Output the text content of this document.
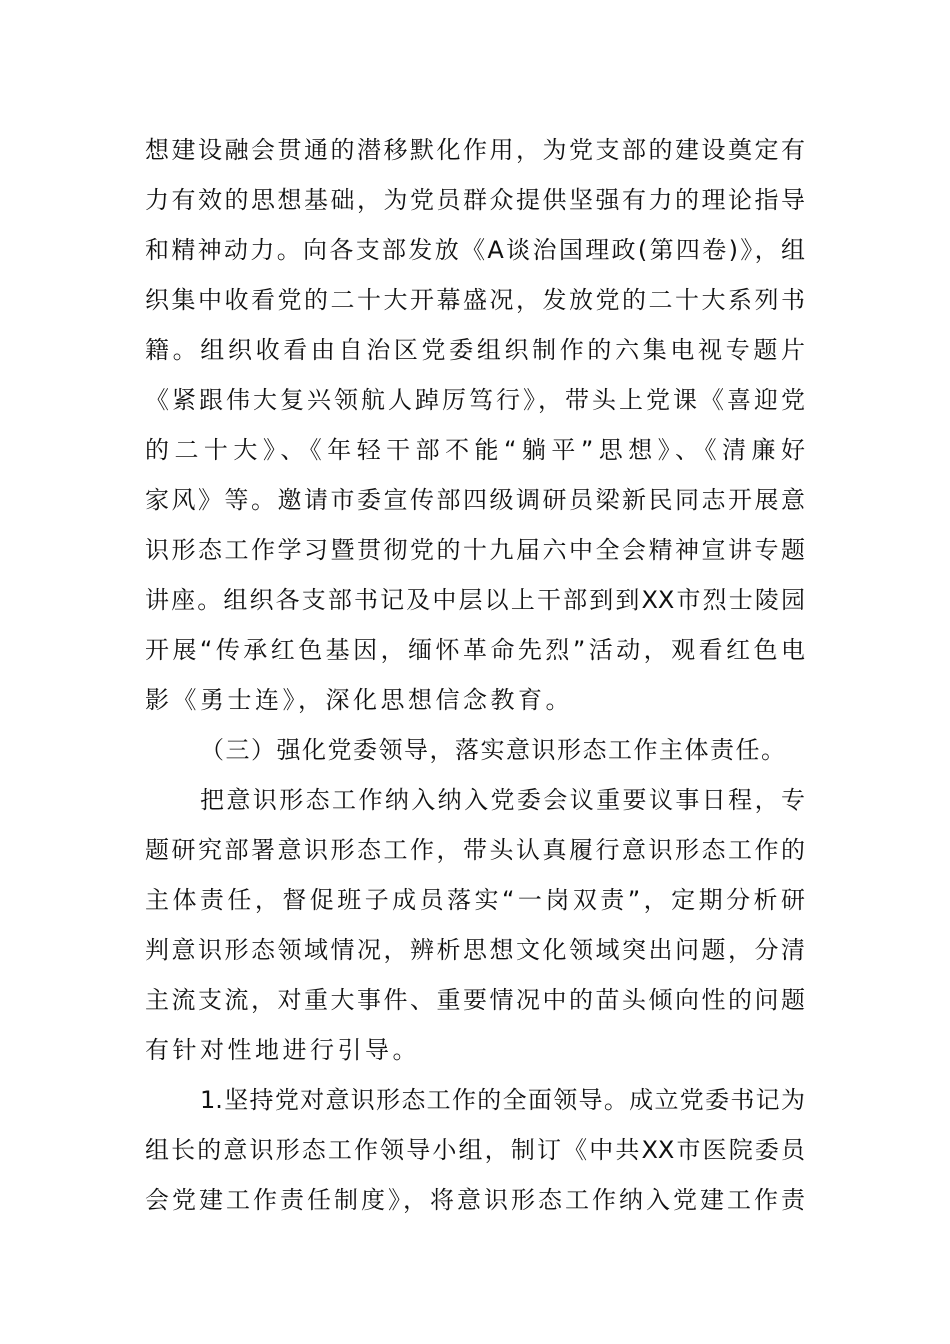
想建设融会贯通的潜移默化作用，为党支部的建设奠定有
力有效的思想基础，为党员群众提供坚强有力的理论指导
和精神动力。向各支部发放《A谈治国理政(第四卷)》，组
织集中收看党的二十大开幕盛况，发放党的二十大系列书
籍。组织收看由自治区党委组织制作的六集电视专题片
《紧跟伟大复兴领航人踔厉笃行》，带头上党课《喜迎党
的二十大》、《年轻干部不能“躺平”思想》、《清廉好
家风》等。邀请市委宣传部四级调研员梁新民同志开展意
识形态工作学习暨贯彻党的十九届六中全会精神宣讲专题
讲座。组织各支部书记及中层以上干部到到XX市烈士陵园
开展“传承红色基因，缅怀革命先烈”活动，观看红色电
影《勇士连》，深化思想信念教育。
（三）强化党委领导，落实意识形态工作主体责任。
把意识形态工作纳入纳入党委会议重要议事日程，专
题研究部署意识形态工作，带头认真履行意识形态工作的
主体责任，督促班子成员落实“一岗双责”，定期分析研
判意识形态领域情况，辨析思想文化领域突出问题，分清
主流支流，对重大事件、重要情况中的苗头倾向性的问题
有针对性地进行引导。
1.坚持党对意识形态工作的全面领导。成立党委书记为
组长的意识形态工作领导小组，制订《中共XX市医院委员
会党建工作责任制度》，将意识形态工作纳入党建工作责
